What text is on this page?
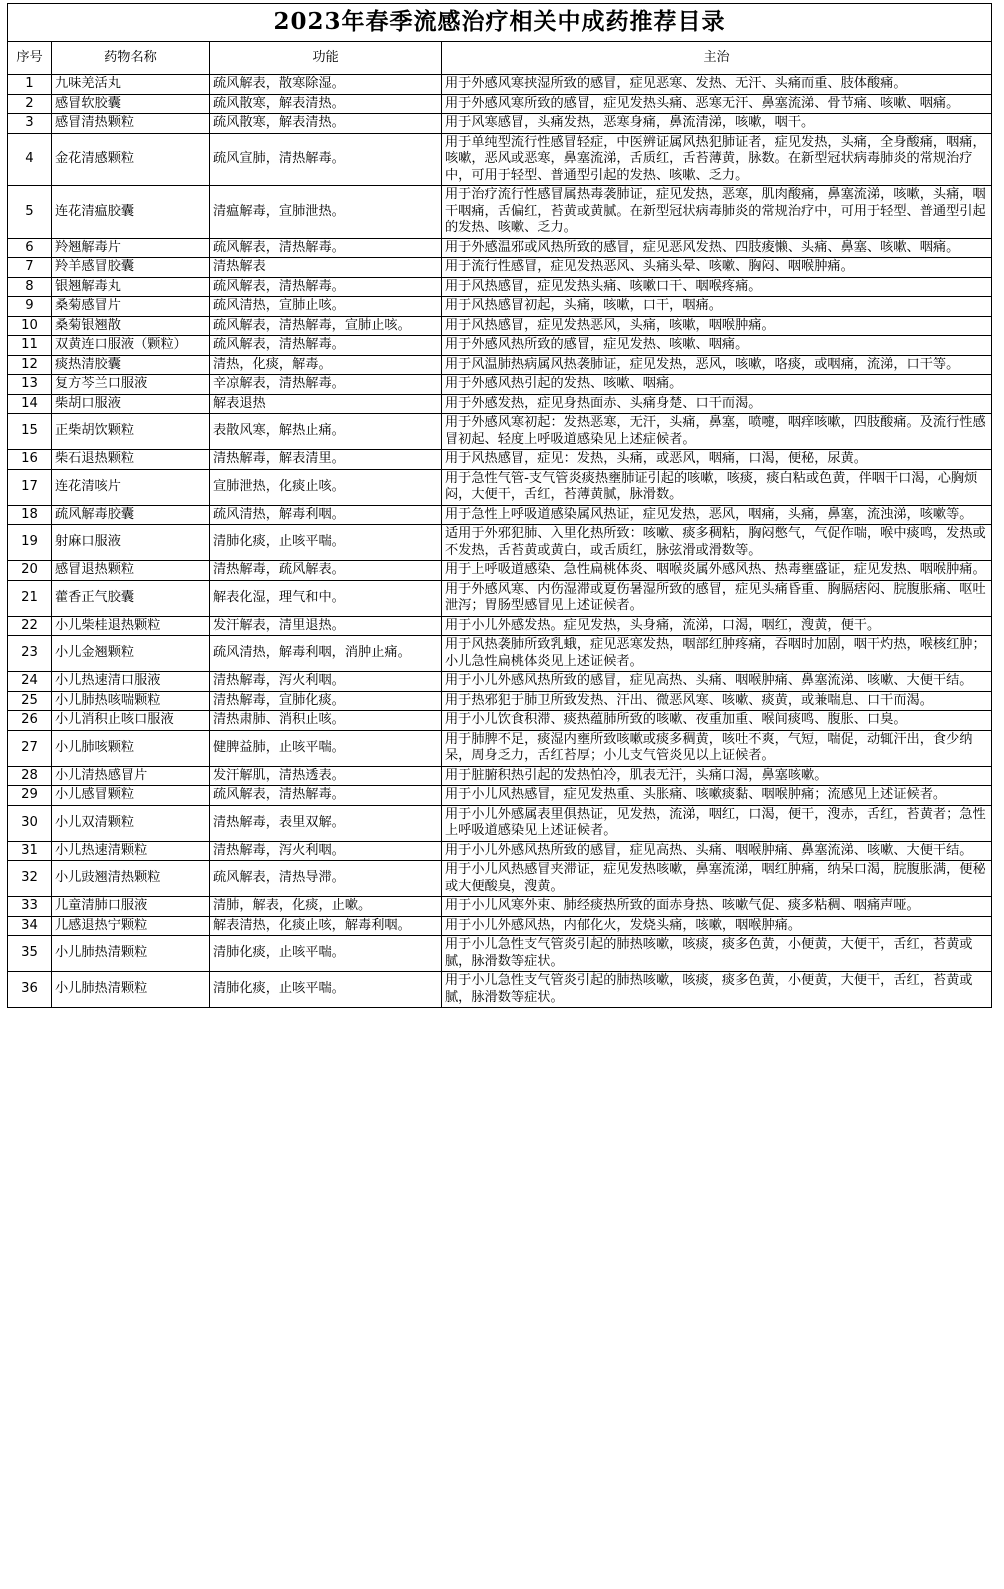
2023年春季流感治疗相关中成药推荐目录			
序号	药物名称	功能	主治
1	九味羌活丸	疏风解表，散寒除湿。	用于外感风寒挟湿所致的感冒，症见恶寒、发热、无汗、头痛而重、肢体酸痛。
2	感冒软胶囊	疏风散寒，解表清热。	用于外感风寒所致的感冒，症见发热头痛、恶寒无汗、鼻塞流涕、骨节痛、咳嗽、咽痛。
3	感冒清热颗粒	疏风散寒，解表清热。	用于风寒感冒，头痛发热，恶寒身痛，鼻流清涕，咳嗽，咽干。
4	金花清感颗粒	疏风宣肺，清热解毒。	用于单纯型流行性感冒轻症，中医辨证属风热犯肺证者，症见发热，头痛，全身酸痛，咽痛，咳嗽，恶风或恶寒，鼻塞流涕，舌质红，舌苔薄黄，脉数。在新型冠状病毒肺炎的常规治疗中，可用于轻型、普通型引起的发热、咳嗽、乏力。
5	连花清瘟胶囊	清瘟解毒，宣肺泄热。	用于治疗流行性感冒属热毒袭肺证，症见发热，恶寒，肌肉酸痛，鼻塞流涕，咳嗽，头痛，咽干咽痛，舌偏红，苔黄或黄腻。在新型冠状病毒肺炎的常规治疗中，可用于轻型、普通型引起的发热、咳嗽、乏力。
6	羚翘解毒片	疏风解表，清热解毒。	用于外感温邪或风热所致的感冒，症见恶风发热、四肢痠懒、头痛、鼻塞、咳嗽、咽痛。
7	羚羊感冒胶囊	清热解表	用于流行性感冒，症见发热恶风、头痛头晕、咳嗽、胸闷、咽喉肿痛。
8	银翘解毒丸	疏风解表，清热解毒。	用于风热感冒，症见发热头痛、咳嗽口干、咽喉疼痛。
9	桑菊感冒片	疏风清热，宣肺止咳。	用于风热感冒初起，头痛，咳嗽，口干，咽痛。
10	桑菊银翘散	疏风解表，清热解毒，宣肺止咳。	用于风热感冒，症见发热恶风，头痛，咳嗽，咽喉肿痛。
11	双黄连口服液（颗粒）	疏风解表，清热解毒。	用于外感风热所致的感冒，症见发热、咳嗽、咽痛。
12	痰热清胶囊	清热，化痰，解毒。	用于风温肺热病属风热袭肺证，症见发热，恶风，咳嗽，咯痰，或咽痛，流涕，口干等。
13	复方芩兰口服液	辛凉解表，清热解毒。	用于外感风热引起的发热、咳嗽、咽痛。
14	柴胡口服液	解表退热	用于外感发热，症见身热面赤、头痛身楚、口干而渴。
15	正柴胡饮颗粒	表散风寒，解热止痛。	用于外感风寒初起：发热恶寒，无汗，头痛，鼻塞，喷嚏，咽痒咳嗽，四肢酸痛。及流行性感冒初起、轻度上呼吸道感染见上述症候者。
16	柴石退热颗粒	清热解毒，解表清里。	用于风热感冒，症见：发热，头痛，或恶风，咽痛，口渴，便秘，尿黄。
17	连花清咳片	宣肺泄热，化痰止咳。	用于急性气管-支气管炎痰热壅肺证引起的咳嗽，咳痰，痰白粘或色黄，伴咽干口渴，心胸烦闷，大便干，舌红，苔薄黄腻，脉滑数。
18	疏风解毒胶囊	疏风清热，解毒利咽。	用于急性上呼吸道感染属风热证，症见发热，恶风，咽痛，头痛，鼻塞，流浊涕，咳嗽等。
19	射麻口服液	清肺化痰，止咳平喘。	适用于外邪犯肺、入里化热所致：咳嗽、痰多稠粘，胸闷憋气，气促作喘，喉中痰鸣，发热或不发热，舌苔黄或黄白，或舌质红，脉弦滑或滑数等。
20	感冒退热颗粒	清热解毒，疏风解表。	用于上呼吸道感染、急性扁桃体炎、咽喉炎属外感风热、热毒壅盛证，症见发热、咽喉肿痛。
21	藿香正气胶囊	解表化湿，理气和中。	用于外感风寒、内伤湿滞或夏伤暑湿所致的感冒，症见头痛昏重、胸膈痞闷、脘腹胀痛、呕吐泄泻；胃肠型感冒见上述证候者。
22	小儿柴桂退热颗粒	发汗解表，清里退热。	用于小儿外感发热。症见发热，头身痛，流涕，口渴，咽红，溲黄，便干。
23	小儿金翘颗粒	疏风清热，解毒利咽，消肿止痛。	用于风热袭肺所致乳蛾，症见恶寒发热，咽部红肿疼痛，吞咽时加剧，咽干灼热，喉核红肿；小儿急性扁桃体炎见上述证候者。
24	小儿热速清口服液	清热解毒，泻火利咽。	用于小儿外感风热所致的感冒，症见高热、头痛、咽喉肿痛、鼻塞流涕、咳嗽、大便干结。
25	小儿肺热咳喘颗粒	清热解毒，宣肺化痰。	用于热邪犯于肺卫所致发热、汗出、微恶风寒、咳嗽、痰黄，或兼喘息、口干而渴。
26	小儿消积止咳口服液	清热肃肺、消积止咳。	用于小儿饮食积滞、痰热蕴肺所致的咳嗽、夜重加重、喉间痰鸣、腹胀、口臭。
27	小儿肺咳颗粒	健脾益肺，止咳平喘。	用于肺脾不足，痰湿内壅所致咳嗽或痰多稠黄，咳吐不爽，气短，喘促，动辄汗出，食少纳呆，周身乏力，舌红苔厚；小儿支气管炎见以上证候者。
28	小儿清热感冒片	发汗解肌，清热透表。	用于脏腑积热引起的发热怕冷，肌表无汗，头痛口渴，鼻塞咳嗽。
29	小儿感冒颗粒	疏风解表，清热解毒。	用于小儿风热感冒，症见发热重、头胀痛、咳嗽痰黏、咽喉肿痛；流感见上述证候者。
30	小儿双清颗粒	清热解毒，表里双解。	用于小儿外感属表里俱热证，见发热，流涕，咽红，口渴，便干，溲赤，舌红，苔黄者；急性上呼吸道感染见上述证候者。
31	小儿热速清颗粒	清热解毒，泻火利咽。	用于小儿外感风热所致的感冒，症见高热、头痛、咽喉肿痛、鼻塞流涕、咳嗽、大便干结。
32	小儿豉翘清热颗粒	疏风解表，清热导滞。	用于小儿风热感冒夹滞证，症见发热咳嗽，鼻塞流涕，咽红肿痛，纳呆口渴，脘腹胀满，便秘或大便酸臭，溲黄。
33	儿童清肺口服液	清肺，解表，化痰，止嗽。	用于小儿风寒外束、肺经痰热所致的面赤身热、咳嗽气促、痰多粘稠、咽痛声哑。
34	儿感退热宁颗粒	解表清热，化痰止咳，解毒利咽。	用于小儿外感风热，内郁化火，发烧头痛，咳嗽，咽喉肿痛。
35	小儿肺热清颗粒	清肺化痰，止咳平喘。	用于小儿急性支气管炎引起的肺热咳嗽，咳痰，痰多色黄，小便黄，大便干，舌红，苔黄或腻，脉滑数等症状。
36	小儿肺热清颗粒	清肺化痰，止咳平喘。	用于小儿急性支气管炎引起的肺热咳嗽，咳痰，痰多色黄，小便黄，大便干，舌红，苔黄或腻，脉滑数等症状。
